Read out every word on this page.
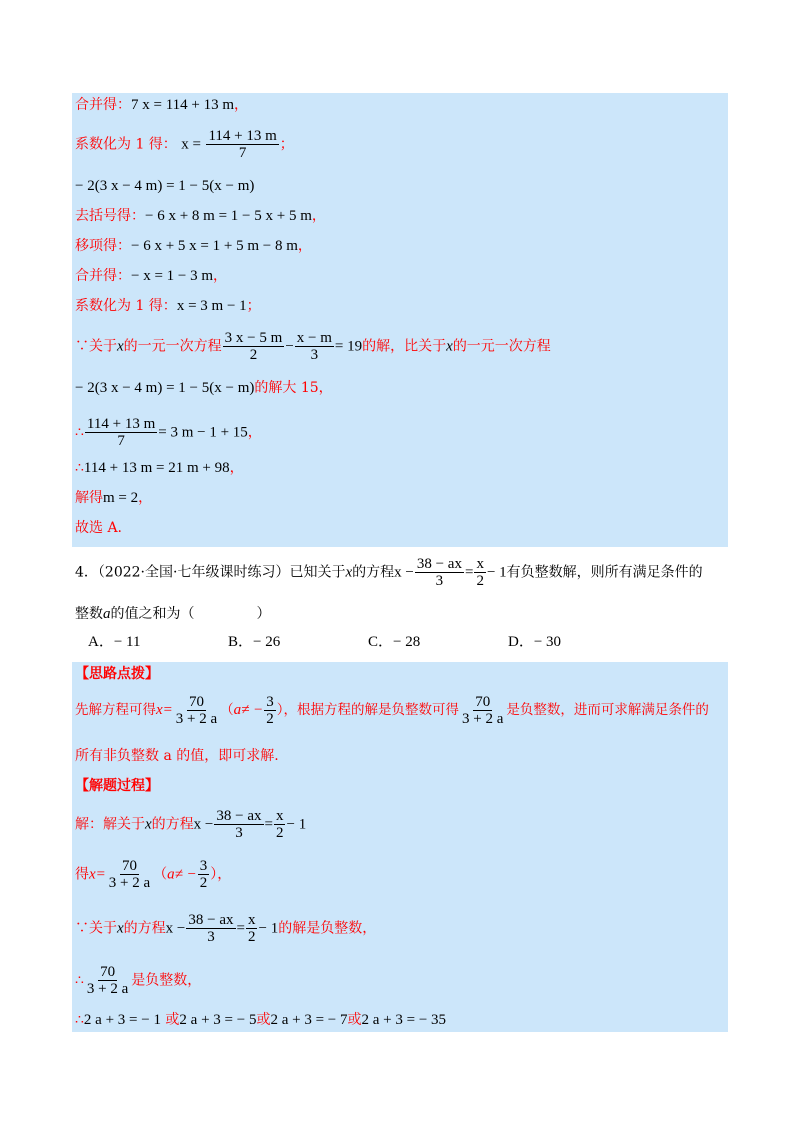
合并得：7 x = 114 + 13 m，
系数化为 1 得： $x = \frac{114 + 13 m}{7}$ ；
− 2(3 x − 4 m) = 1 − 5(x − m)
去括号得：− 6 x + 8 m = 1 − 5 x + 5 m，
移项得：− 6 x + 5 x = 1 + 5 m − 8 m，
合并得：− x = 1 − 3 m，
系数化为 1 得：x = 3 m − 1；
∵关于x的一元一次方程 $\frac{3 x - 5 m}{2} - \frac{x - m}{3} = 19$的解，比关于x的一元一次方程
− 2(3 x − 4 m) = 1 − 5(x − m)的解大 15，
∴ $\frac{114 + 13 m}{7} = 3$ m − 1 + 15，
∴114 + 13 m = 21 m + 98，
解得m = 2，
故选 A.
4．（2022·全国·七年级课时练习）已知关于x的方程$x - \frac{38 - ax}{3} = \frac{x}{2} - 1$有负整数解，则所有满足条件的
整数a的值之和为（	）
A．− 11	B．− 26	C．− 28	D．− 30
【思路点拨】
先解方程可得$x= \frac{70}{3 + 2 a} (a\ne - \frac{3}{2}$ ），根据方程的解是负整数可得 $\frac{70}{3 + 2 a}$ 是负整数，进而可求解满足条件的
所有非负整数 a 的值，即可求解.
【解题过程】
解：解关于x的方程$x - \frac{38 - ax}{3} = \frac{x}{2} - 1$
得$x= \frac{70}{3 + 2 a} (a\ne - \frac{3}{2}$ ），
∵关于x的方程$x - \frac{38 - ax}{3} = \frac{x}{2} - 1$的解是负整数，
∴ $\frac{70}{3 + 2 a}$ 是负整数，
∴2 a + 3 = − 1 或2 a + 3 = − 5或2 a + 3 = − 7或2 a + 3 = − 35
